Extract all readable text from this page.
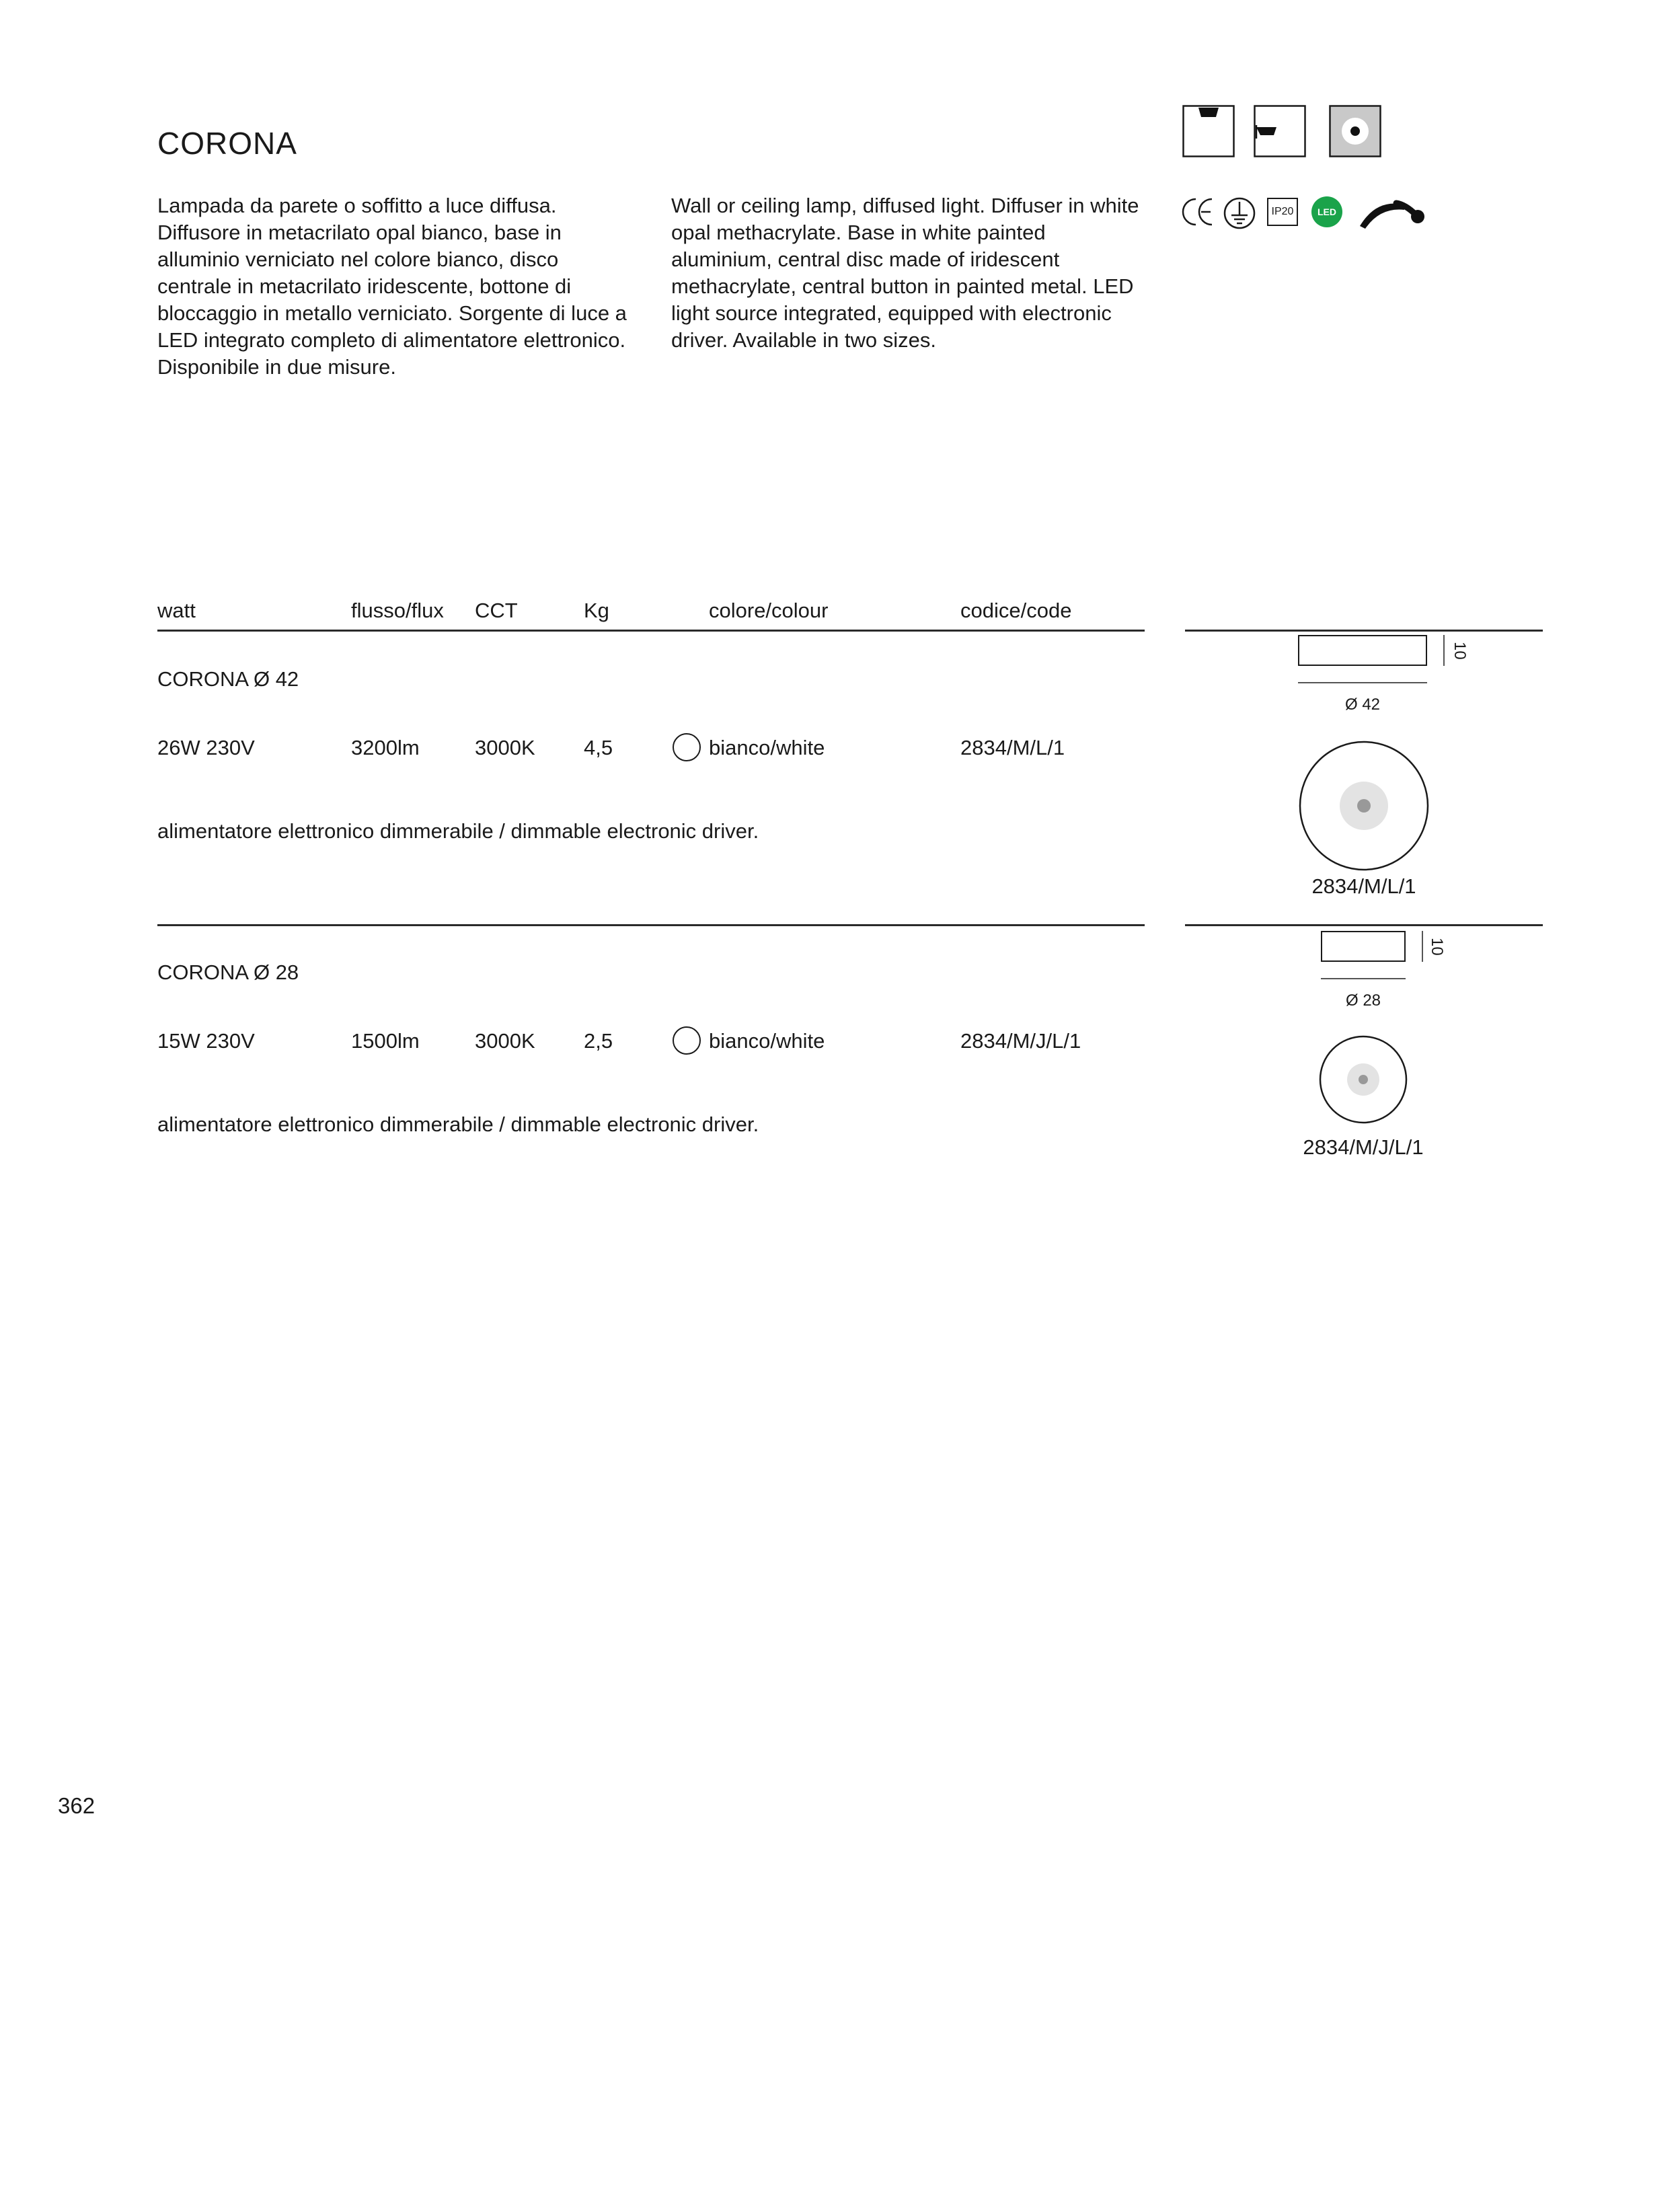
CORONA
Lampada da parete o soffitto a luce diffusa. Diffusore in metacrilato opal bianco, base in alluminio verniciato nel colore bianco, disco centrale in metacrilato iridescente, bottone di bloccaggio in metallo verniciato. Sorgente di luce a LED integrato completo di alimentatore elettronico. Disponibile in due misure.
Wall or ceiling lamp, diffused light. Diffuser in white opal methacrylate. Base in white painted aluminium, central disc made of iridescent methacrylate, central button in painted metal. LED light source integrated, equipped with electronic driver. Available in two sizes.
IP20	LED
watt	flusso/flux CCT	Kg	colore/colour	codice/code
CORONA Ø 42
26W 230V	3200lm	3000K 4,5	bianco/white	2834/M/L/1
alimentatore elettronico dimmerabile / dimmable electronic driver.
10
Ø 42
2834/M/L/1
CORONA Ø 28
15W 230V	1500lm	3000K 2,5	bianco/white	2834/M/J/L/1
alimentatore elettronico dimmerabile / dimmable electronic driver.
10
Ø 28
2834/M/J/L/1
362
